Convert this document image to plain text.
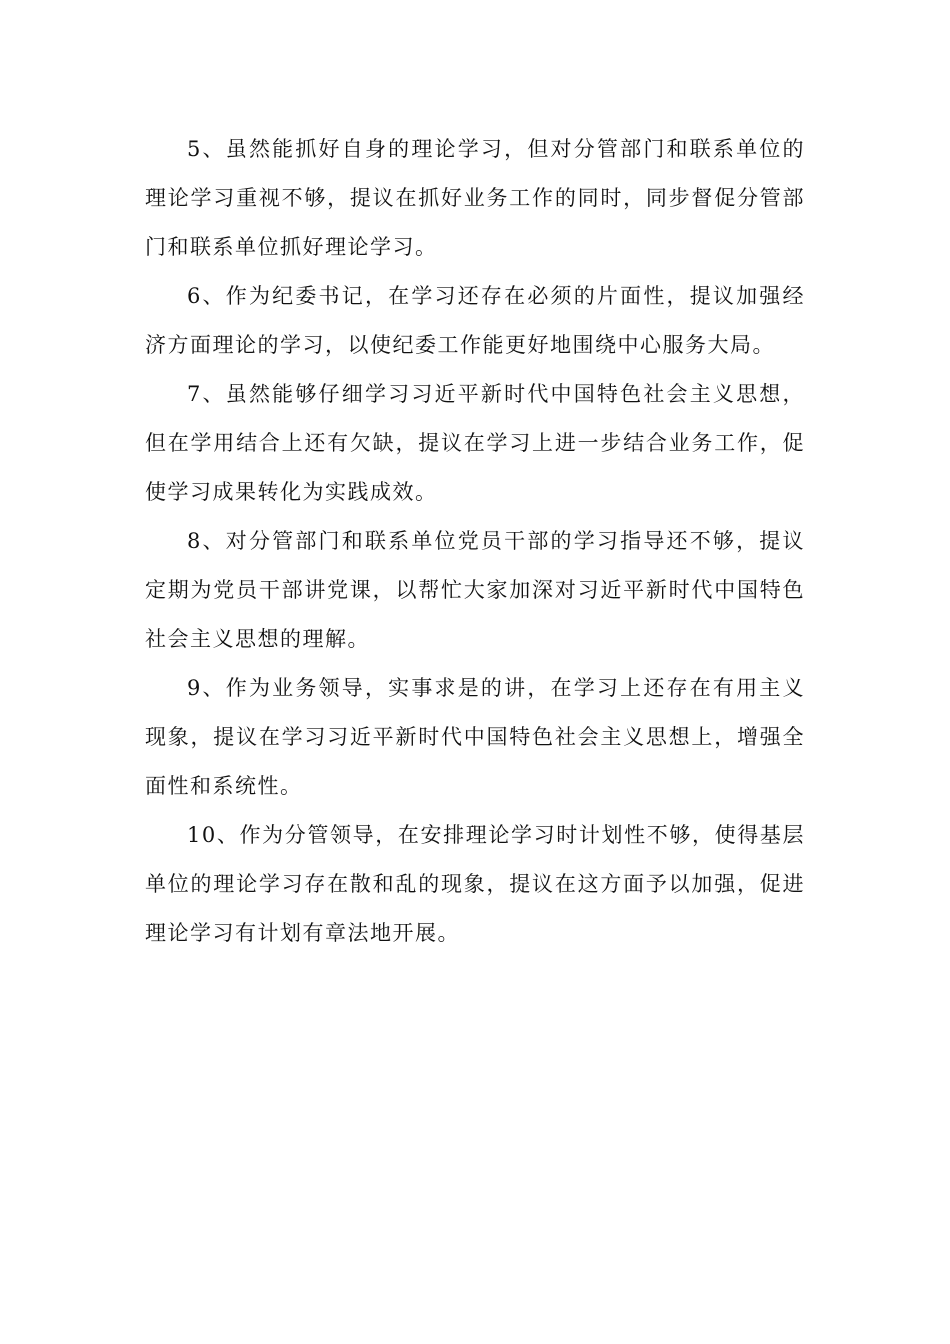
5、虽然能抓好自身的理论学习，但对分管部门和联系单位的理论学习重视不够，提议在抓好业务工作的同时，同步督促分管部门和联系单位抓好理论学习。

6、作为纪委书记，在学习还存在必须的片面性，提议加强经济方面理论的学习，以使纪委工作能更好地围绕中心服务大局。

7、虽然能够仔细学习习近平新时代中国特色社会主义思想，但在学用结合上还有欠缺，提议在学习上进一步结合业务工作，促使学习成果转化为实践成效。

8、对分管部门和联系单位党员干部的学习指导还不够，提议定期为党员干部讲党课，以帮忙大家加深对习近平新时代中国特色社会主义思想的理解。

9、作为业务领导，实事求是的讲，在学习上还存在有用主义现象，提议在学习习近平新时代中国特色社会主义思想上，增强全面性和系统性。

10、作为分管领导，在安排理论学习时计划性不够，使得基层单位的理论学习存在散和乱的现象，提议在这方面予以加强，促进理论学习有计划有章法地开展。
